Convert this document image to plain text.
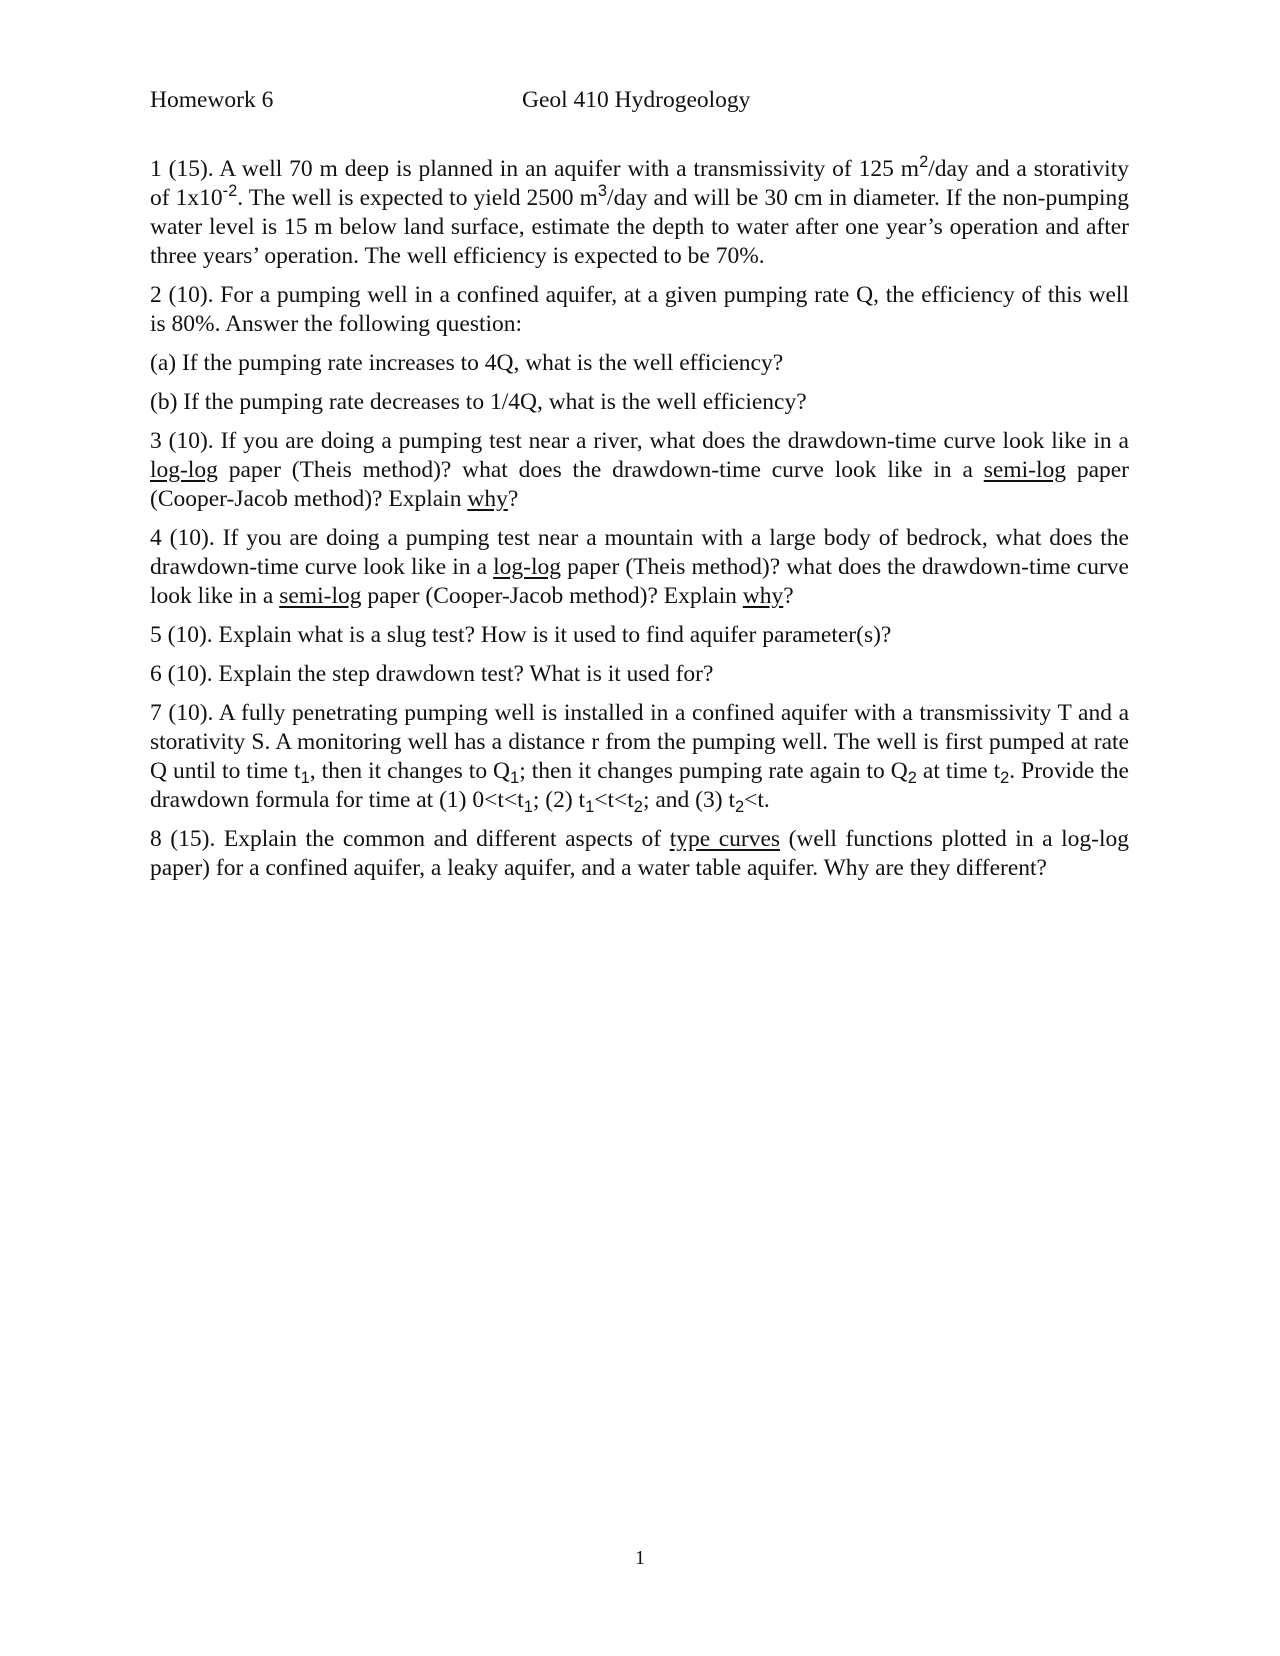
Homework 6	Geol 410 Hydrogeology

1 (15). A well 70 m deep is planned in an aquifer with a transmissivity of 125 $m^2$/day and a storativity of $1x10^{-2}$. The well is expected to yield 2500 $m^3$/day and will be 30 cm in diameter. If the non-pumping water level is 15 m below land surface, estimate the depth to water after one year’s operation and after three years’ operation. The well efficiency is expected to be 70%.

2 (10). For a pumping well in a confined aquifer, at a given pumping rate Q, the efficiency of this well is 80%. Answer the following question:

(a) If the pumping rate increases to 4Q, what is the well efficiency?

(b) If the pumping rate decreases to 1/4Q, what is the well efficiency?

3 (10). If you are doing a pumping test near a river, what does the drawdown-time curve look like in a log-log paper (Theis method)? what does the drawdown-time curve look like in a semi-log paper (Cooper-Jacob method)? Explain why?

4 (10). If you are doing a pumping test near a mountain with a large body of bedrock, what does the drawdown-time curve look like in a log-log paper (Theis method)? what does the drawdown-time curve look like in a semi-log paper (Cooper-Jacob method)? Explain why?

5 (10). Explain what is a slug test? How is it used to find aquifer parameter(s)?

6 (10). Explain the step drawdown test? What is it used for?

7 (10). A fully penetrating pumping well is installed in a confined aquifer with a transmissivity T and a storativity S. A monitoring well has a distance r from the pumping well. The well is first pumped at rate Q until to time $t_1$, then it changes to $Q_1$; then it changes pumping rate again to $Q_2$ at time $t_2$. Provide the drawdown formula for time at (1) $0<t<t_1$; (2) $t_1<t<t_2$; and (3) $t_2<t$.

8 (15). Explain the common and different aspects of type curves (well functions plotted in a log-log paper) for a confined aquifer, a leaky aquifer, and a water table aquifer. Why are they different?

1
